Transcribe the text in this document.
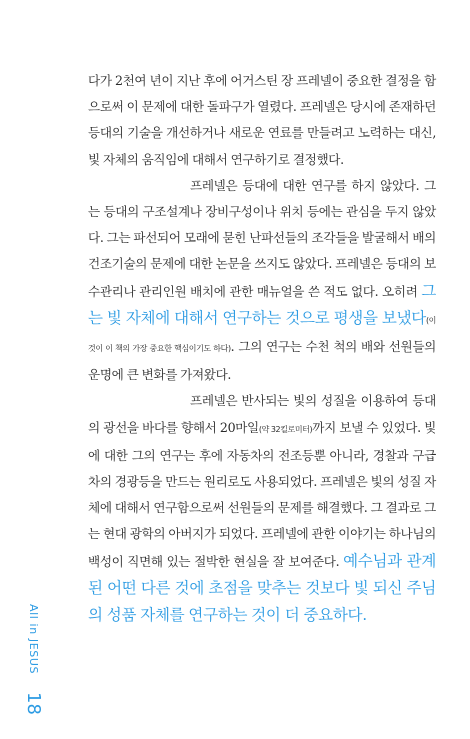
다가 2천여 년이 지난 후에 어거스틴 장 프레넬이 중요한 결정을 함으로써 이 문제에 대한 돌파구가 열렸다. 프레넬은 당시에 존재하던 등대의 기술을 개선하거나 새로운 연료를 만들려고 노력하는 대신, 빛 자체의 움직임에 대해서 연구하기로 결정했다.

프레넬은 등대에 대한 연구를 하지 않았다. 그는 등대의 구조설계나 장비구성이나 위치 등에는 관심을 두지 않았다. 그는 파선되어 모래에 묻힌 난파선들의 조각들을 발굴해서 배의 건조기술의 문제에 대한 논문을 쓰지도 않았다. 프레넬은 등대의 보수관리나 관리인원 배치에 관한 매뉴얼을 쓴 적도 없다. 오히려 그는 빛 자체에 대해서 연구하는 것으로 평생을 보냈다(이것이 이 책의 가장 중요한 핵심이기도 하다). 그의 연구는 수천 척의 배와 선원들의 운명에 큰 변화를 가져왔다.

프레넬은 반사되는 빛의 성질을 이용하여 등대의 광선을 바다를 향해서 20마일(약 32킬로미터)까지 보낼 수 있었다. 빛에 대한 그의 연구는 후에 자동차의 전조등뿐 아니라, 경찰과 구급차의 경광등을 만드는 원리로도 사용되었다. 프레넬은 빛의 성질 자체에 대해서 연구함으로써 선원들의 문제를 해결했다. 그 결과로 그는 현대 광학의 아버지가 되었다. 프레넬에 관한 이야기는 하나님의 백성이 직면해 있는 절박한 현실을 잘 보여준다. 예수님과 관계된 어떤 다른 것에 초점을 맞추는 것보다 빛 되신 주님의 성품 자체를 연구하는 것이 더 중요하다.

All in JESUS
18
